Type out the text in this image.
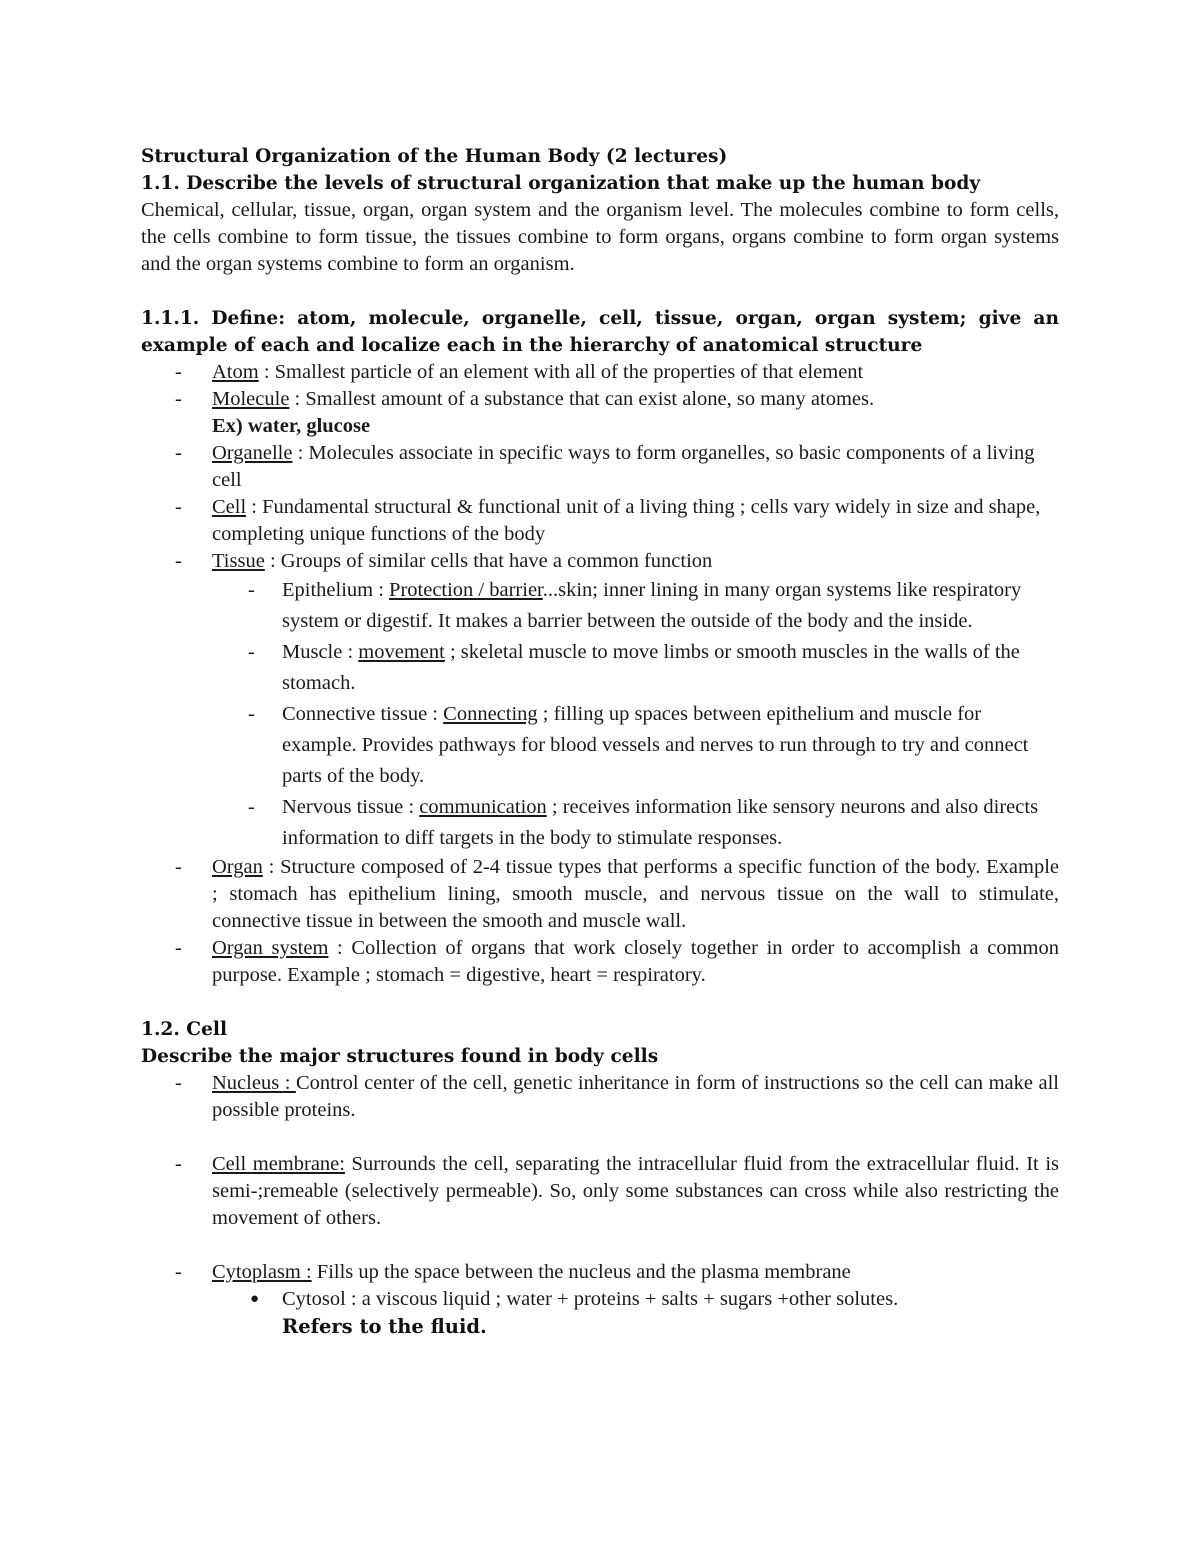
Structural Organization of the Human Body (2 lectures)
1.1. Describe the levels of structural organization that make up the human body
Chemical, cellular, tissue, organ, organ system and the organism level. The molecules combine to form cells, the cells combine to form tissue, the tissues combine to form organs, organs combine to form organ systems and the organ systems combine to form an organism.
1.1.1. Define: atom, molecule, organelle, cell, tissue, organ, organ system; give an example of each and localize each in the hierarchy of anatomical structure
- Atom : Smallest particle of an element with all of the properties of that element
- Molecule : Smallest amount of a substance that can exist alone, so many atomes.
Ex) water, glucose
- Organelle : Molecules associate in specific ways to form organelles, so basic components of a living cell
- Cell : Fundamental structural & functional unit of a living thing ; cells vary widely in size and shape, completing unique functions of the body
- Tissue : Groups of similar cells that have a common function
- Epithelium : Protection / barrier...skin; inner lining in many organ systems like respiratory system or digestif. It makes a barrier between the outside of the body and the inside.
- Muscle : movement ; skeletal muscle to move limbs or smooth muscles in the walls of the stomach.
- Connective tissue : Connecting ; filling up spaces between epithelium and muscle for example. Provides pathways for blood vessels and nerves to run through to try and connect parts of the body.
- Nervous tissue : communication ; receives information like sensory neurons and also directs information to diff targets in the body to stimulate responses.
- Organ : Structure composed of 2-4 tissue types that performs a specific function of the body. Example ; stomach has epithelium lining, smooth muscle, and nervous tissue on the wall to stimulate, connective tissue in between the smooth and muscle wall.
- Organ system : Collection of organs that work closely together in order to accomplish a common purpose. Example ; stomach = digestive, heart = respiratory.
1.2. Cell
Describe the major structures found in body cells
- Nucleus : Control center of the cell, genetic inheritance in form of instructions so the cell can make all possible proteins.
- Cell membrane: Surrounds the cell, separating the intracellular fluid from the extracellular fluid. It is semi-;remeable (selectively permeable). So, only some substances can cross while also restricting the movement of others.
- Cytoplasm : Fills up the space between the nucleus and the plasma membrane
● Cytosol : a viscous liquid ; water + proteins + salts + sugars +other solutes.
Refers to the fluid.
